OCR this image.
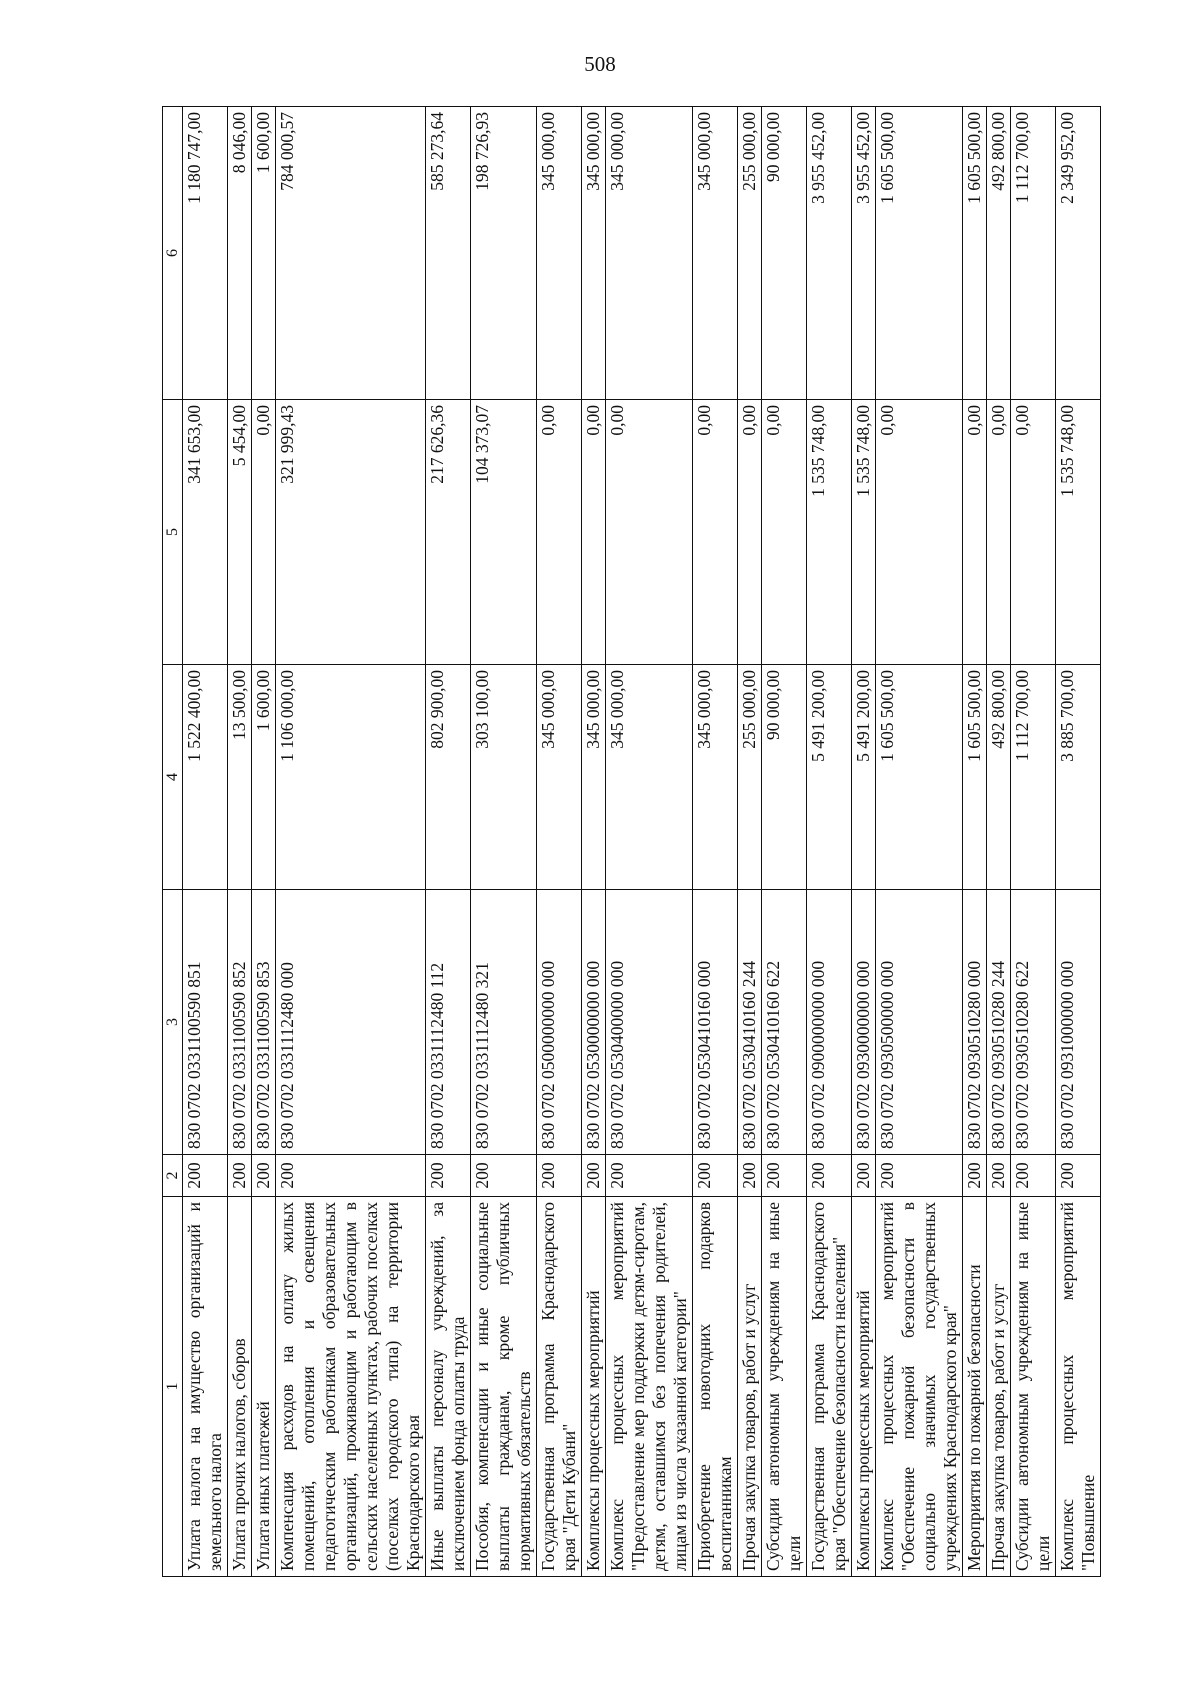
508
1	2	3	4	5	6
Уплата налога на имущество организаций и земельного налога	200	830 0702 0331100590 851	1 522 400,00	341 653,00	1 180 747,00
Уплата прочих налогов, сборов	200	830 0702 0331100590 852	13 500,00	5 454,00	8 046,00
Уплата иных платежей	200	830 0702 0331100590 853	1 600,00	0,00	1 600,00
Компенсация расходов на оплату жилых помещений, отопления и освещения педагогическим работникам образовательных организаций, проживающим и работающим в сельских населенных пунктах, рабочих поселках (поселках городского типа) на территории Краснодарского края	200	830 0702 0331112480 000	1 106 000,00	321 999,43	784 000,57
Иные выплаты персоналу учреждений, за исключением фонда оплаты труда	200	830 0702 0331112480 112	802 900,00	217 626,36	585 273,64
Пособия, компенсации и иные социальные выплаты гражданам, кроме публичных нормативных обязательств	200	830 0702 0331112480 321	303 100,00	104 373,07	198 726,93
Государственная программа Краснодарского края "Дети Кубани"	200	830 0702 0500000000 000	345 000,00	0,00	345 000,00
Комплексы процессных мероприятий	200	830 0702 0530000000 000	345 000,00	0,00	345 000,00
Комплекс процессных мероприятий "Предоставление мер поддержки детям-сиротам, детям, оставшимся без попечения родителей, лицам из числа указанной категории"	200	830 0702 0530400000 000	345 000,00	0,00	345 000,00
Приобретение новогодних подарков воспитанникам	200	830 0702 0530410160 000	345 000,00	0,00	345 000,00
Прочая закупка товаров, работ и услуг	200	830 0702 0530410160 244	255 000,00	0,00	255 000,00
Субсидии автономным учреждениям на иные цели	200	830 0702 0530410160 622	90 000,00	0,00	90 000,00
Государственная программа Краснодарского края "Обеспечение безопасности населения"	200	830 0702 0900000000 000	5 491 200,00	1 535 748,00	3 955 452,00
Комплексы процессных мероприятий	200	830 0702 0930000000 000	5 491 200,00	1 535 748,00	3 955 452,00
Комплекс процессных мероприятий "Обеспечение пожарной безопасности в социально значимых государственных учреждениях Краснодарского края"	200	830 0702 0930500000 000	1 605 500,00	0,00	1 605 500,00
Мероприятия по пожарной безопасности	200	830 0702 0930510280 000	1 605 500,00	0,00	1 605 500,00
Прочая закупка товаров, работ и услуг	200	830 0702 0930510280 244	492 800,00	0,00	492 800,00
Субсидии автономным учреждениям на иные цели	200	830 0702 0930510280 622	1 112 700,00	0,00	1 112 700,00
Комплекс процессных мероприятий "Повышение	200	830 0702 0931000000 000	3 885 700,00	1 535 748,00	2 349 952,00
